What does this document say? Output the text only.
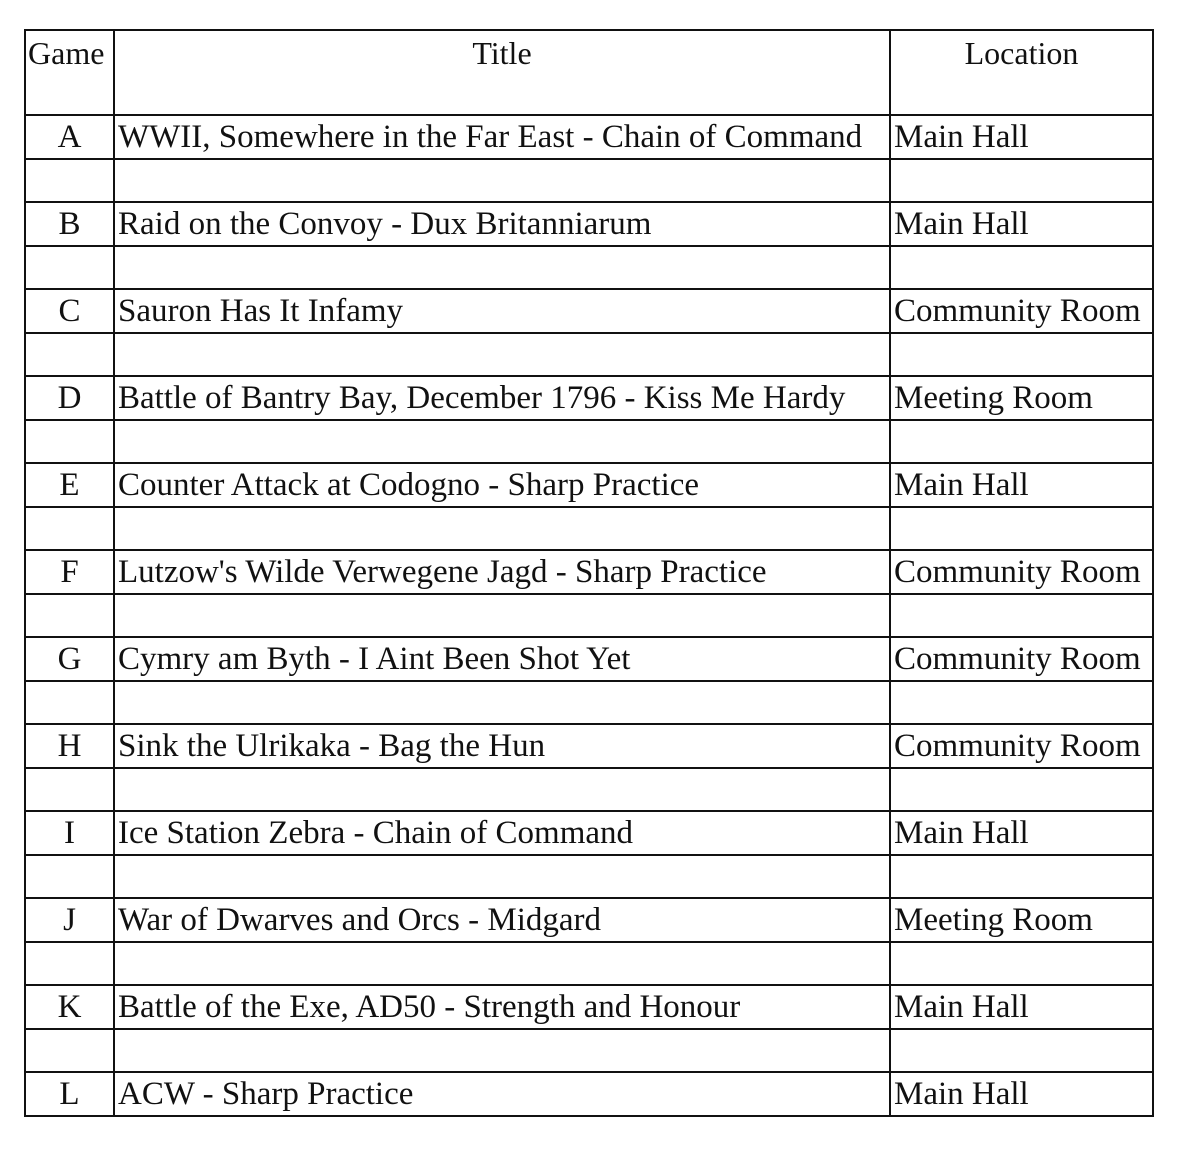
Game	Title	Location
A	WWII, Somewhere in the Far East - Chain of Command	Main Hall

B	Raid on the Convoy - Dux Britanniarum	Main Hall

C	Sauron Has It Infamy	Community Room

D	Battle of Bantry Bay, December 1796 - Kiss Me Hardy	Meeting Room

E	Counter Attack at Codogno - Sharp Practice	Main Hall

F	Lutzow's Wilde Verwegene Jagd - Sharp Practice	Community Room

G	Cymry am Byth - I Aint Been Shot Yet	Community Room

H	Sink the Ulrikaka - Bag the Hun	Community Room

I	Ice Station Zebra - Chain of Command	Main Hall

J	War of Dwarves and Orcs - Midgard	Meeting Room

K	Battle of the Exe, AD50 - Strength and Honour	Main Hall

L	ACW - Sharp Practice	Main Hall
